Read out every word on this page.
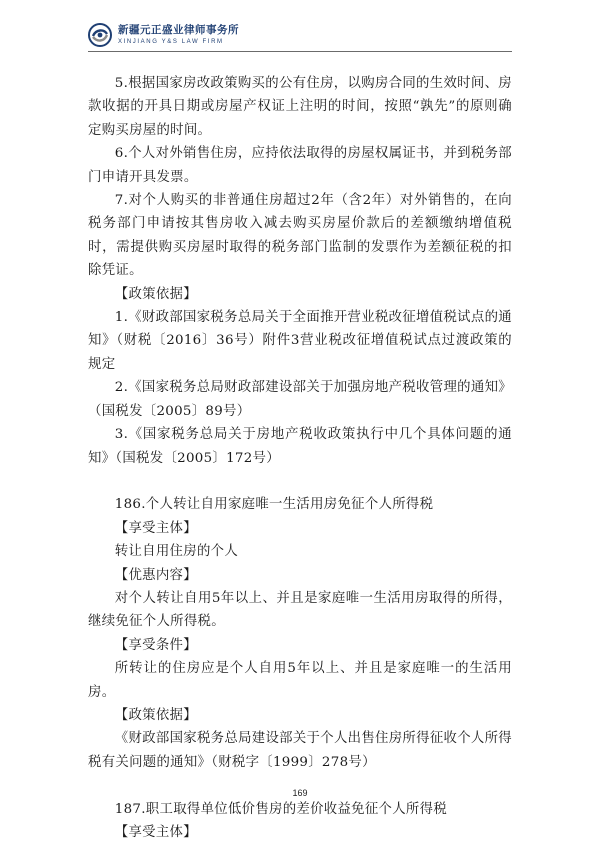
新疆元正盛业律师事务所
XINJIANG Y&S LAW FIRM

5.根据国家房改政策购买的公有住房，以购房合同的生效时间、房款收据的开具日期或房屋产权证上注明的时间，按照“孰先”的原则确定购买房屋的时间。

6.个人对外销售住房，应持依法取得的房屋权属证书，并到税务部门申请开具发票。

7.对个人购买的非普通住房超过2年（含2年）对外销售的，在向税务部门申请按其售房收入减去购买房屋价款后的差额缴纳增值税时，需提供购买房屋时取得的税务部门监制的发票作为差额征税的扣除凭证。

【政策依据】

1.《财政部国家税务总局关于全面推开营业税改征增值税试点的通知》（财税〔2016〕36号）附件3营业税改征增值税试点过渡政策的规定

2.《国家税务总局财政部建设部关于加强房地产税收管理的通知》（国税发〔2005〕89号）

3.《国家税务总局关于房地产税收政策执行中几个具体问题的通知》（国税发〔2005〕172号）

186.个人转让自用家庭唯一生活用房免征个人所得税

【享受主体】

转让自用住房的个人

【优惠内容】

对个人转让自用5年以上、并且是家庭唯一生活用房取得的所得，继续免征个人所得税。

【享受条件】

所转让的住房应是个人自用5年以上、并且是家庭唯一的生活用房。

【政策依据】

《财政部国家税务总局建设部关于个人出售住房所得征收个人所得税有关问题的通知》（财税字〔1999〕278号）

187.职工取得单位低价售房的差价收益免征个人所得税

【享受主体】

169
